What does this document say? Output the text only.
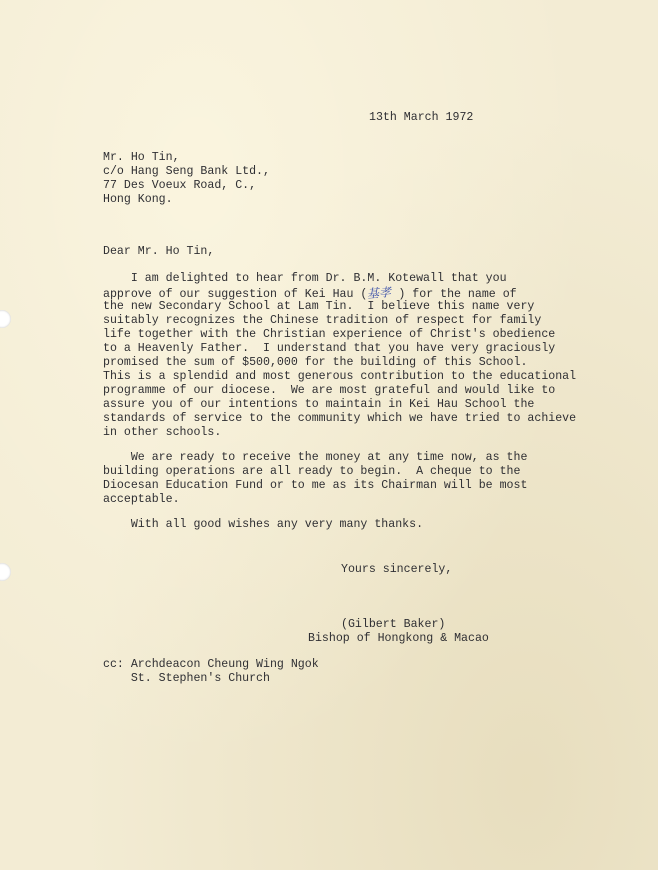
13th March 1972
Mr. Ho Tin,
c/o Hang Seng Bank Ltd.,
77 Des Voeux Road, C.,
Hong Kong.
Dear Mr. Ho Tin,
I am delighted to hear from Dr. B.M. Kotewall that you
approve of our suggestion of Kei Hau (基孝 ) for the name of
the new Secondary School at Lam Tin.  I believe this name very
suitably recognizes the Chinese tradition of respect for family
life together with the Christian experience of Christ's obedience
to a Heavenly Father.  I understand that you have very graciously
promised the sum of $500,000 for the building of this School.
This is a splendid and most generous contribution to the educational
programme of our diocese.  We are most grateful and would like to
assure you of our intentions to maintain in Kei Hau School the
standards of service to the community which we have tried to achieve
in other schools.
We are ready to receive the money at any time now, as the
building operations are all ready to begin.  A cheque to the
Diocesan Education Fund or to me as its Chairman will be most
acceptable.
With all good wishes any very many thanks.
Yours sincerely,
(Gilbert Baker)
Bishop of Hongkong & Macao
cc: Archdeacon Cheung Wing Ngok
St. Stephen's Church
